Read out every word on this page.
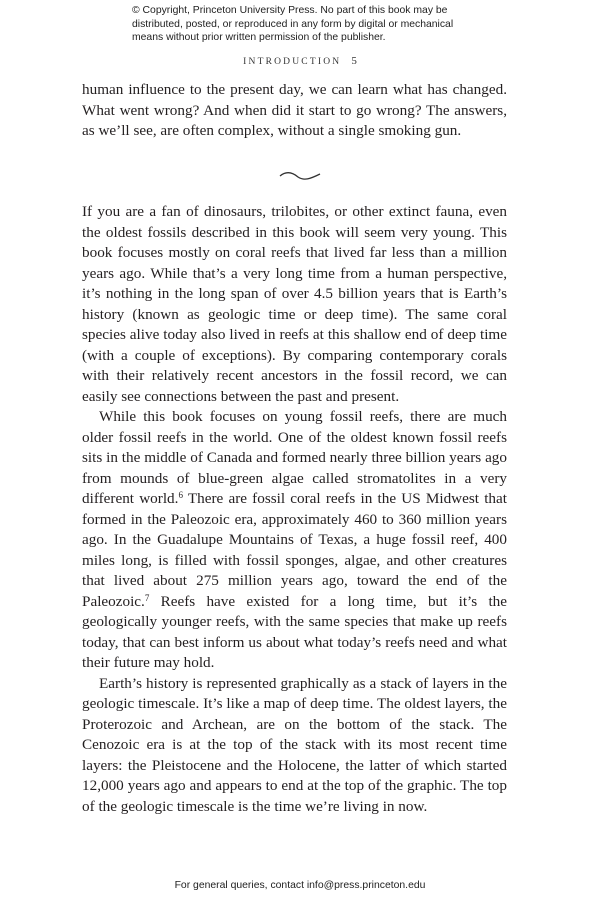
© Copyright, Princeton University Press. No part of this book may be distributed, posted, or reproduced in any form by digital or mechanical means without prior written permission of the publisher.
INTRODUCTION 5

human influence to the present day, we can learn what has changed. What went wrong? And when did it start to go wrong? The answers, as we’ll see, are often complex, without a single smoking gun.

If you are a fan of dinosaurs, trilobites, or other extinct fauna, even the oldest fossils described in this book will seem very young. This book focuses mostly on coral reefs that lived far less than a million years ago. While that’s a very long time from a human perspective, it’s nothing in the long span of over 4.5 billion years that is Earth’s history (known as geologic time or deep time). The same coral species alive today also lived in reefs at this shallow end of deep time (with a couple of exceptions). By comparing contemporary corals with their relatively recent ancestors in the fossil record, we can easily see connections between the past and present.

While this book focuses on young fossil reefs, there are much older fossil reefs in the world. One of the oldest known fossil reefs sits in the middle of Canada and formed nearly three billion years ago from mounds of blue-green algae called stromatolites in a very different world.$^6$ There are fossil coral reefs in the US Midwest that formed in the Paleozoic era, approximately 460 to 360 million years ago. In the Guadalupe Mountains of Texas, a huge fossil reef, 400 miles long, is filled with fossil sponges, algae, and other creatures that lived about 275 million years ago, toward the end of the Paleozoic.$^7$ Reefs have existed for a long time, but it’s the geologically younger reefs, with the same species that make up reefs today, that can best inform us about what today’s reefs need and what their future may hold.

Earth’s history is represented graphically as a stack of layers in the geologic timescale. It’s like a map of deep time. The oldest layers, the Proterozoic and Archean, are on the bottom of the stack. The Cenozoic era is at the top of the stack with its most recent time layers: the Pleistocene and the Holocene, the latter of which started 12,000 years ago and appears to end at the top of the graphic. The top of the geologic timescale is the time we’re living in now.

For general queries, contact info@press.princeton.edu
